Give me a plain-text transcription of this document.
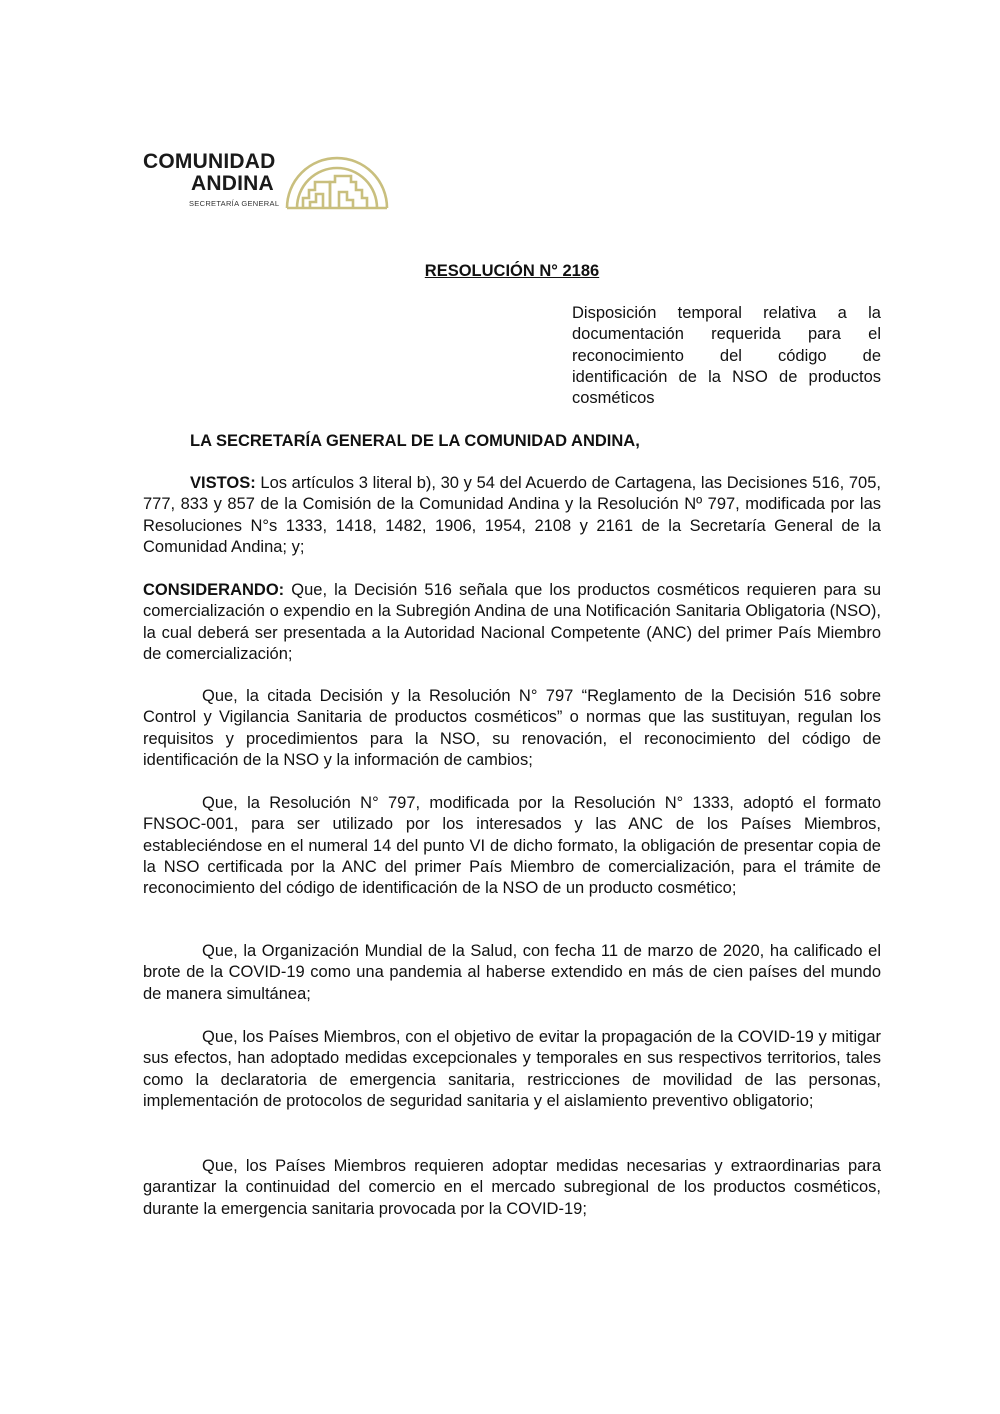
COMUNIDAD
ANDINA
SECRETARÍA GENERAL
RESOLUCIÓN N° 2186
Disposición temporal relativa a la documentación requerida para el reconocimiento del código de identificación de la NSO de productos cosméticos
LA SECRETARÍA GENERAL DE LA COMUNIDAD ANDINA,

VISTOS: Los artículos 3 literal b), 30 y 54 del Acuerdo de Cartagena, las Decisiones 516, 705, 777, 833 y 857 de la Comisión de la Comunidad Andina y la Resolución Nº 797, modificada por las Resoluciones N°s 1333, 1418, 1482, 1906, 1954, 2108 y 2161 de la Secretaría General de la Comunidad Andina; y;

CONSIDERANDO: Que, la Decisión 516 señala que los productos cosméticos requieren para su comercialización o expendio en la Subregión Andina de una Notificación Sanitaria Obligatoria (NSO), la cual deberá ser presentada a la Autoridad Nacional Competente (ANC) del primer País Miembro de comercialización;

Que, la citada Decisión y la Resolución N° 797 “Reglamento de la Decisión 516 sobre Control y Vigilancia Sanitaria de productos cosméticos” o normas que las sustituyan, regulan los requisitos y procedimientos para la NSO, su renovación, el reconocimiento del código de identificación de la NSO y la información de cambios;

Que, la Resolución N° 797, modificada por la Resolución N° 1333, adoptó el formato FNSOC-001, para ser utilizado por los interesados y las ANC de los Países Miembros, estableciéndose en el numeral 14 del punto VI de dicho formato, la obligación de presentar copia de la NSO certificada por la ANC del primer País Miembro de comercialización, para el trámite de reconocimiento del código de identificación de la NSO de un producto cosmético;

Que, la Organización Mundial de la Salud, con fecha 11 de marzo de 2020, ha calificado el brote de la COVID-19 como una pandemia al haberse extendido en más de cien países del mundo de manera simultánea;

Que, los Países Miembros, con el objetivo de evitar la propagación de la COVID-19 y mitigar sus efectos, han adoptado medidas excepcionales y temporales en sus respectivos territorios, tales como la declaratoria de emergencia sanitaria, restricciones de movilidad de las personas, implementación de protocolos de seguridad sanitaria y el aislamiento preventivo obligatorio;

Que, los Países Miembros requieren adoptar medidas necesarias y extraordinarias para garantizar la continuidad del comercio en el mercado subregional de los productos cosméticos, durante la emergencia sanitaria provocada por la COVID-19;
